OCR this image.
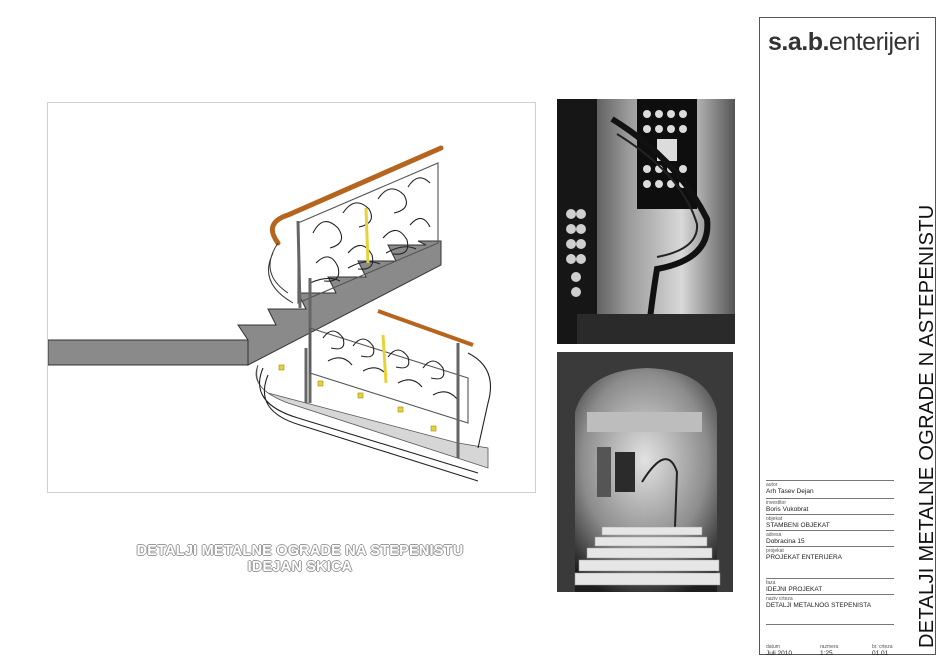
DETALJI METALNE OGRADE NA STEPENISTU
IDEJAN SKICA
s.a.b.enterijeri
DETALJI METALNE OGRADE N ASTEPENISTU
autor
Arh Tasev Dejan
investitor
Boris Vukobrat
objekat
STAMBENI OBJEKAT
adresa
Dobracina 15
projekat
PROJEKAT ENTERIJERA
faza
IDEJNI PROJEKAT
naziv crteza
DETALJI METALNOG STEPENISTA
datum
Juli 2010
razmera
1:25
br. crteza
01.01
